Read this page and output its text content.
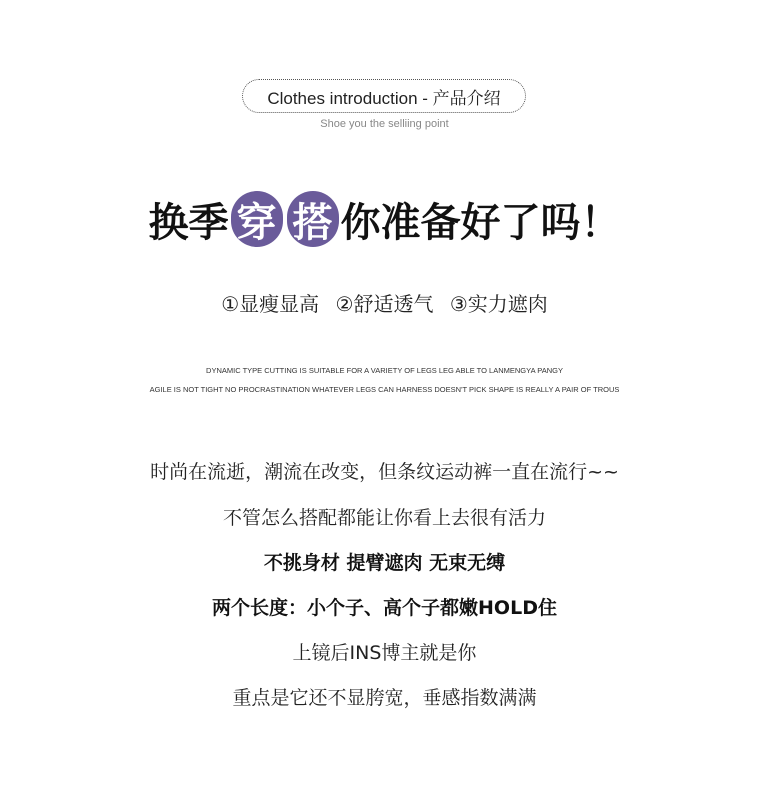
Clothes introduction - 产品介绍
Shoe you the selliing point
换季 穿 搭 你准备好了吗！
①显瘦显高 ②舒适透气 ③实力遮肉
DYNAMIC TYPE CUTTING IS SUITABLE FOR A VARIETY OF LEGS LEG ABLE TO LANMENGYA PANGY
AGILE IS NOT TIGHT NO PROCRASTINATION WHATEVER LEGS CAN HARNESS DOESN'T PICK SHAPE IS REALLY A PAIR OF TROUS
时尚在流逝，潮流在改变，但条纹运动裤一直在流行~~
不管怎么搭配都能让你看上去很有活力
不挑身材 提臂遮肉 无束无缚
两个长度：小个子、高个子都嫩HOLD住
上镜后INS博主就是你
重点是它还不显胯宽，垂感指数满满
